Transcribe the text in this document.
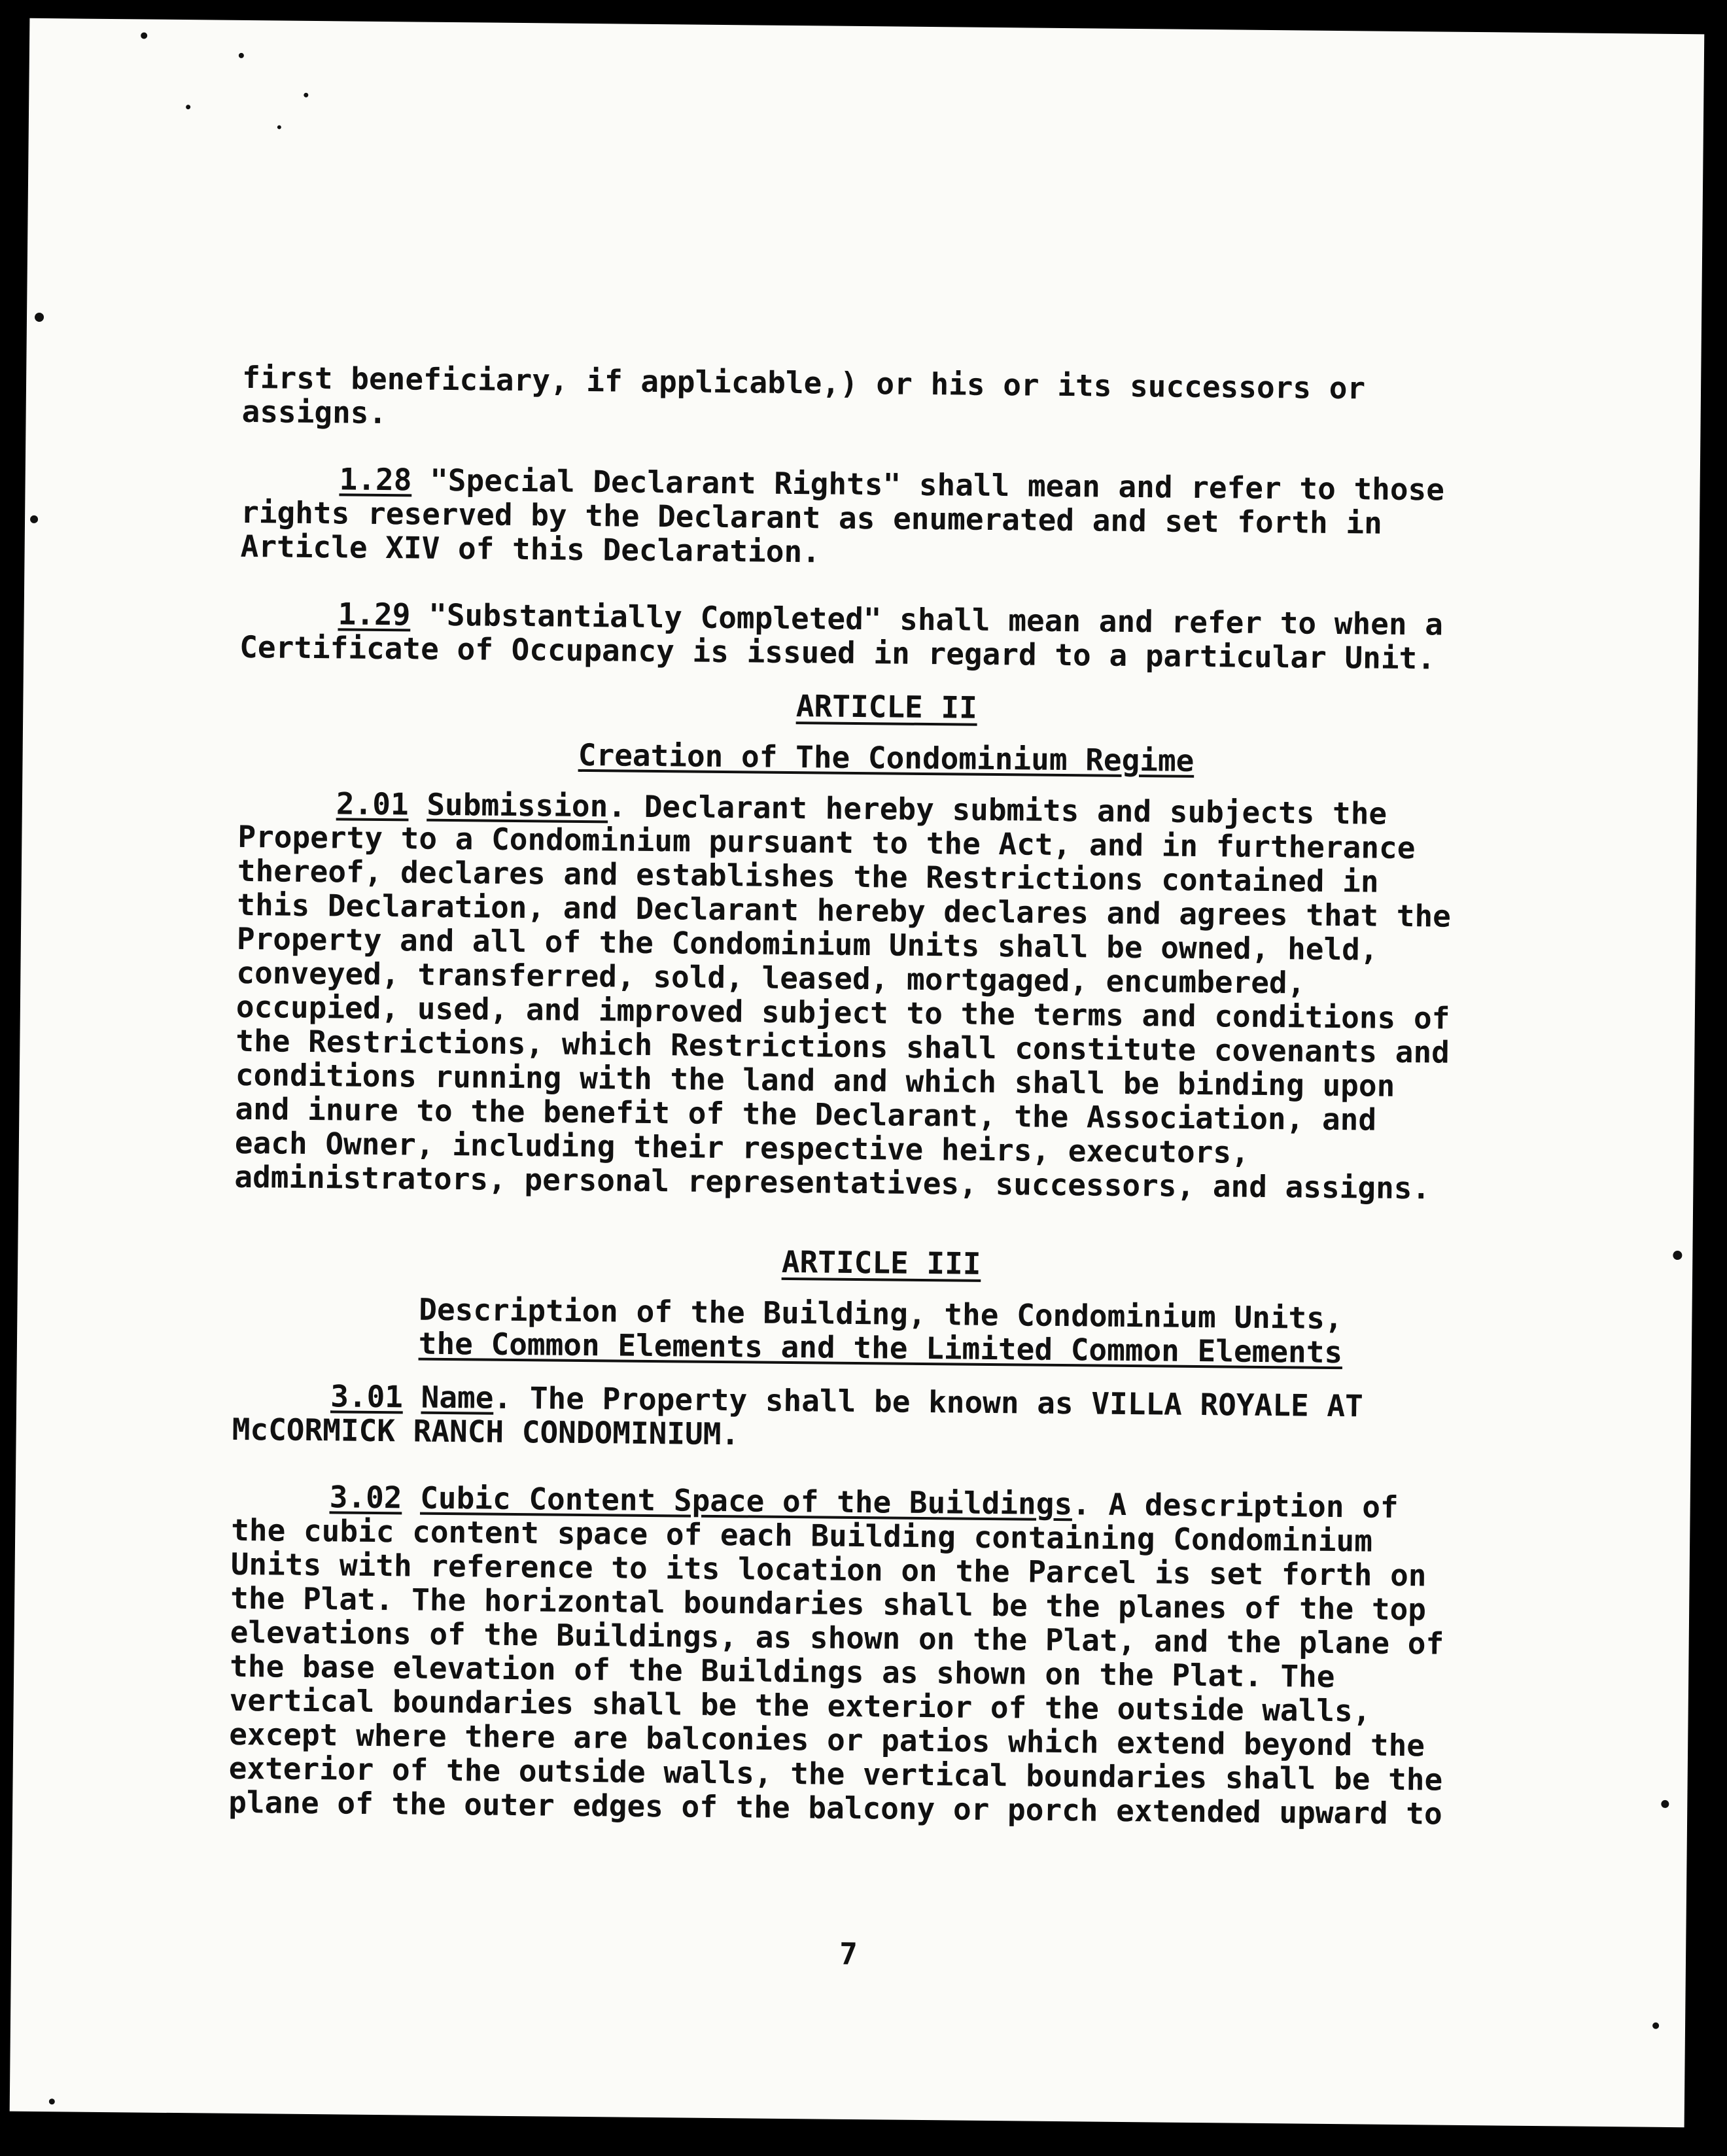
first beneficiary, if applicable,) or his or its successors or
assigns.

1.28 "Special Declarant Rights" shall mean and refer to those
rights reserved by the Declarant as enumerated and set forth in
Article XIV of this Declaration.

1.29 "Substantially Completed" shall mean and refer to when a
Certificate of Occupancy is issued in regard to a particular Unit.

ARTICLE II

Creation of The Condominium Regime

2.01 Submission. Declarant hereby submits and subjects the
Property to a Condominium pursuant to the Act, and in furtherance
thereof, declares and establishes the Restrictions contained in
this Declaration, and Declarant hereby declares and agrees that the
Property and all of the Condominium Units shall be owned, held,
conveyed, transferred, sold, leased, mortgaged, encumbered,
occupied, used, and improved subject to the terms and conditions of
the Restrictions, which Restrictions shall constitute covenants and
conditions running with the land and which shall be binding upon
and inure to the benefit of the Declarant, the Association, and
each Owner, including their respective heirs, executors,
administrators, personal representatives, successors, and assigns.

ARTICLE III

Description of the Building, the Condominium Units,

the Common Elements and the Limited Common Elements

3.01 Name. The Property shall be known as VILLA ROYALE AT
McCORMICK RANCH CONDOMINIUM.

3.02 Cubic Content Space of the Buildings. A description of
the cubic content space of each Building containing Condominium
Units with reference to its location on the Parcel is set forth on
the Plat. The horizontal boundaries shall be the planes of the top
elevations of the Buildings, as shown on the Plat, and the plane of
the base elevation of the Buildings as shown on the Plat. The
vertical boundaries shall be the exterior of the outside walls,
except where there are balconies or patios which extend beyond the
exterior of the outside walls, the vertical boundaries shall be the
plane of the outer edges of the balcony or porch extended upward to

7
